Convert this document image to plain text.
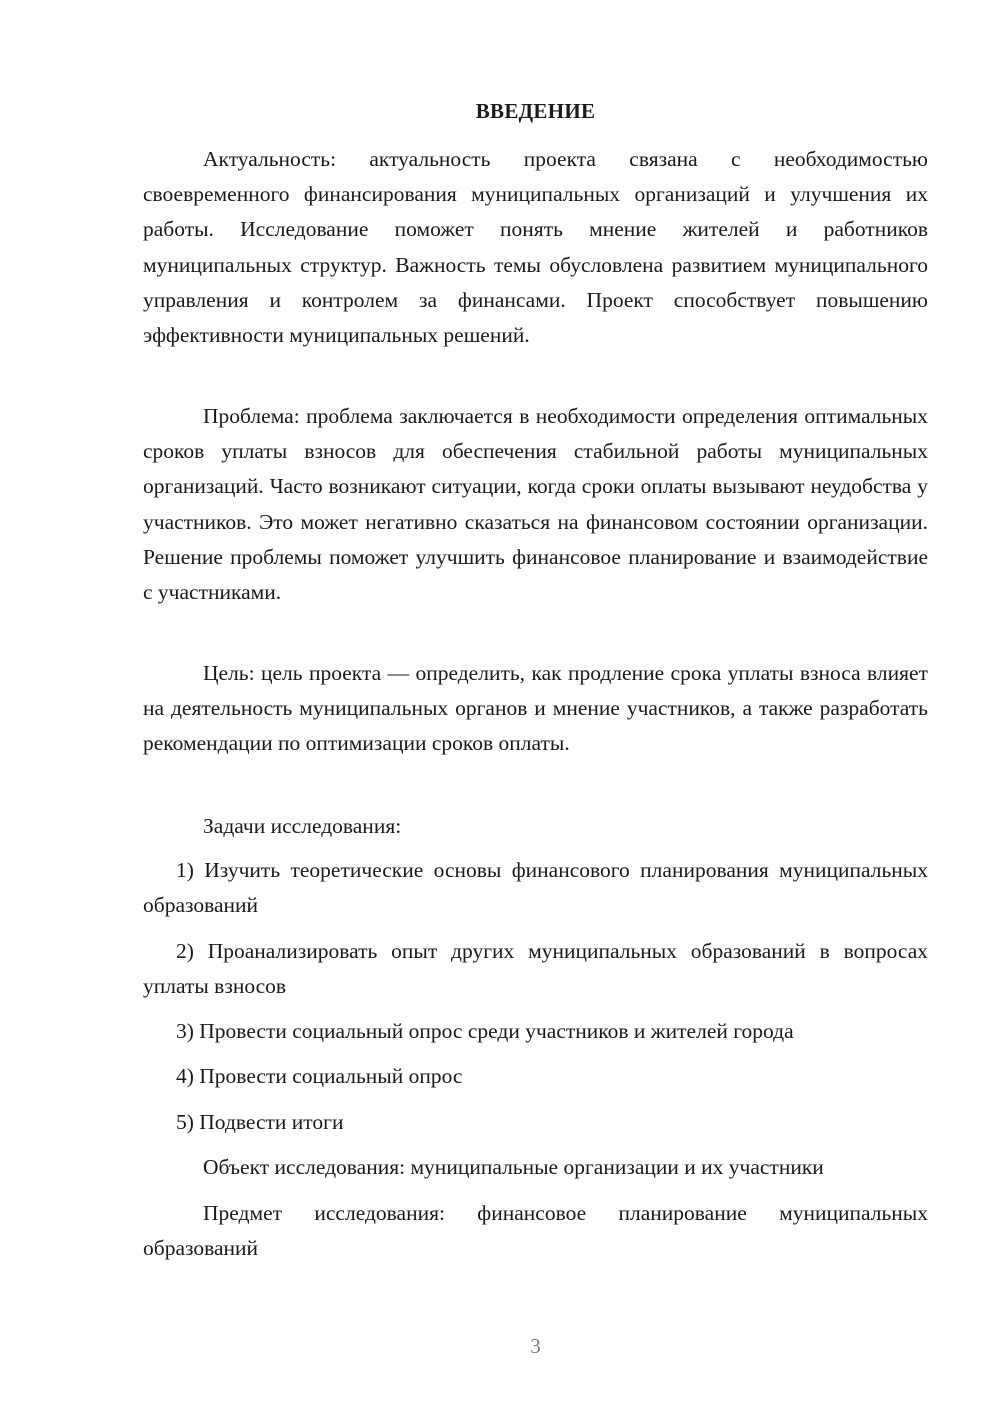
ВВЕДЕНИЕ

Актуальность: актуальность проекта связана с необходимостью своевременного финансирования муниципальных организаций и улучшения их работы. Исследование поможет понять мнение жителей и работников муниципальных структур. Важность темы обусловлена развитием муниципального управления и контролем за финансами. Проект способствует повышению эффективности муниципальных решений.

Проблема: проблема заключается в необходимости определения оптимальных сроков уплаты взносов для обеспечения стабильной работы муниципальных организаций. Часто возникают ситуации, когда сроки оплаты вызывают неудобства у участников. Это может негативно сказаться на финансовом состоянии организации. Решение проблемы поможет улучшить финансовое планирование и взаимодействие с участниками.

Цель: цель проекта — определить, как продление срока уплаты взноса влияет на деятельность муниципальных органов и мнение участников, а также разработать рекомендации по оптимизации сроков оплаты.

Задачи исследования:

1) Изучить теоретические основы финансового планирования муниципальных образований

2) Проанализировать опыт других муниципальных образований в вопросах уплаты взносов

3) Провести социальный опрос среди участников и жителей города

4) Провести социальный опрос

5) Подвести итоги

Объект исследования: муниципальные организации и их участники

Предмет исследования: финансовое планирование муниципальных образований

3
